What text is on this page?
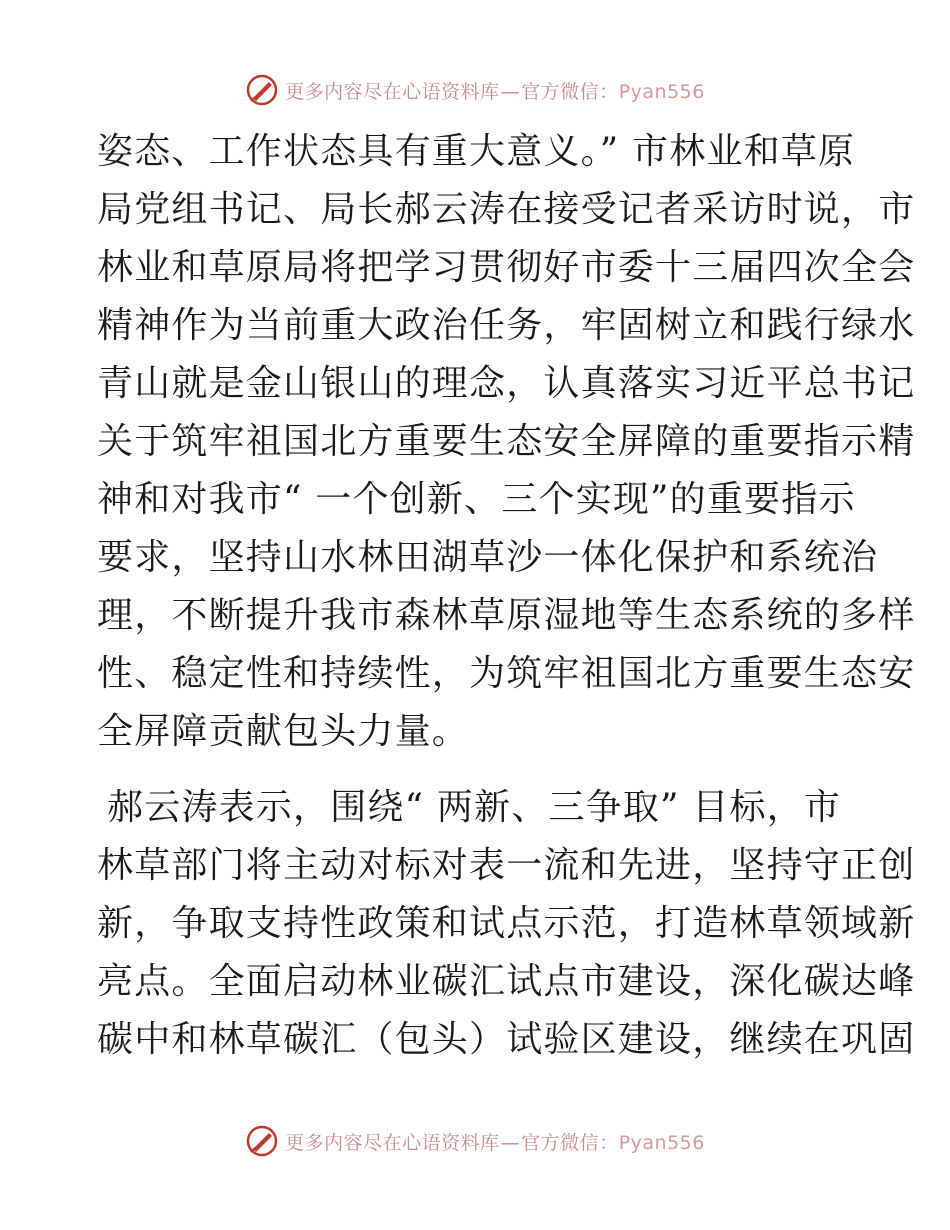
更多内容尽在心语资料库—官方微信：Pyan556
姿态、工作状态具有重大意义。” 市林业和草原
局党组书记、局长郝云涛在接受记者采访时说，市
林业和草原局将把学习贯彻好市委十三届四次全会
精神作为当前重大政治任务，牢固树立和践行绿水
青山就是金山银山的理念，认真落实习近平总书记
关于筑牢祖国北方重要生态安全屏障的重要指示精
神和对我市“ 一个创新、三个实现”的重要指示
要求，坚持山水林田湖草沙一体化保护和系统治
理，不断提升我市森林草原湿地等生态系统的多样
性、稳定性和持续性，为筑牢祖国北方重要生态安
全屏障贡献包头力量。
郝云涛表示，围绕“ 两新、三争取” 目标，市
林草部门将主动对标对表一流和先进，坚持守正创
新，争取支持性政策和试点示范，打造林草领域新
亮点。全面启动林业碳汇试点市建设，深化碳达峰
碳中和林草碳汇（包头）试验区建设，继续在巩固
更多内容尽在心语资料库—官方微信：Pyan556
